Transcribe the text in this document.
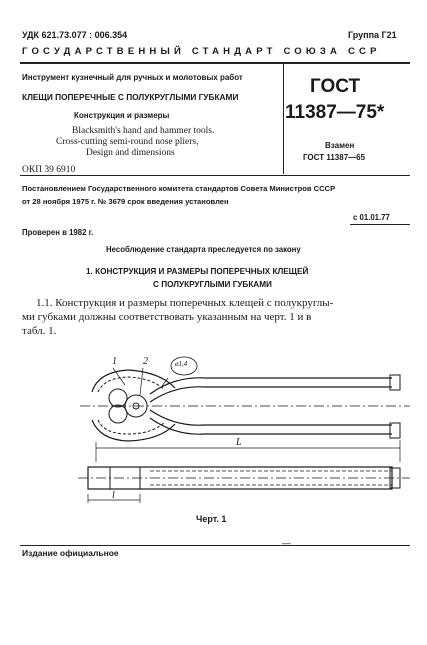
УДК 621.73.077 : 006.354	Группа Г21
ГОСУДАРСТВЕННЫЙ СТАНДАРТ СОЮЗА ССР
Инструмент кузнечный для ручных и молотовых работ
КЛЕЩИ ПОПЕРЕЧНЫЕ С ПОЛУКРУГЛЫМИ ГУБКАМИ
Конструкция и размеры
Blacksmith's hand and hammer tools.
Cross-cutting semi-round nose pliers,
Design and dimensions
ОКП 39 6910
ГОСТ
11387—75*
Взамен
ГОСТ 11387—65
Постановлением Государственного комитета стандартов Совета Министров СССР
от 28 ноября 1975 г. № 3679 срок введения установлен
с 01.01.77
Проверен в 1982 г.
Несоблюдение стандарта преследуется по закону
1. КОНСТРУКЦИЯ И РАЗМЕРЫ ПОПЕРЕЧНЫХ КЛЕЩЕЙ
С ПОЛУКРУГЛЫМИ ГУБКАМИ
1.1. Конструкция и размеры поперечных клещей с полукруглы-
ми губками должны соответствовать указанным на черт. 1 и в
табл. 1.
1	2	ø1,4
L
l
Черт. 1
—
Издание официальное
